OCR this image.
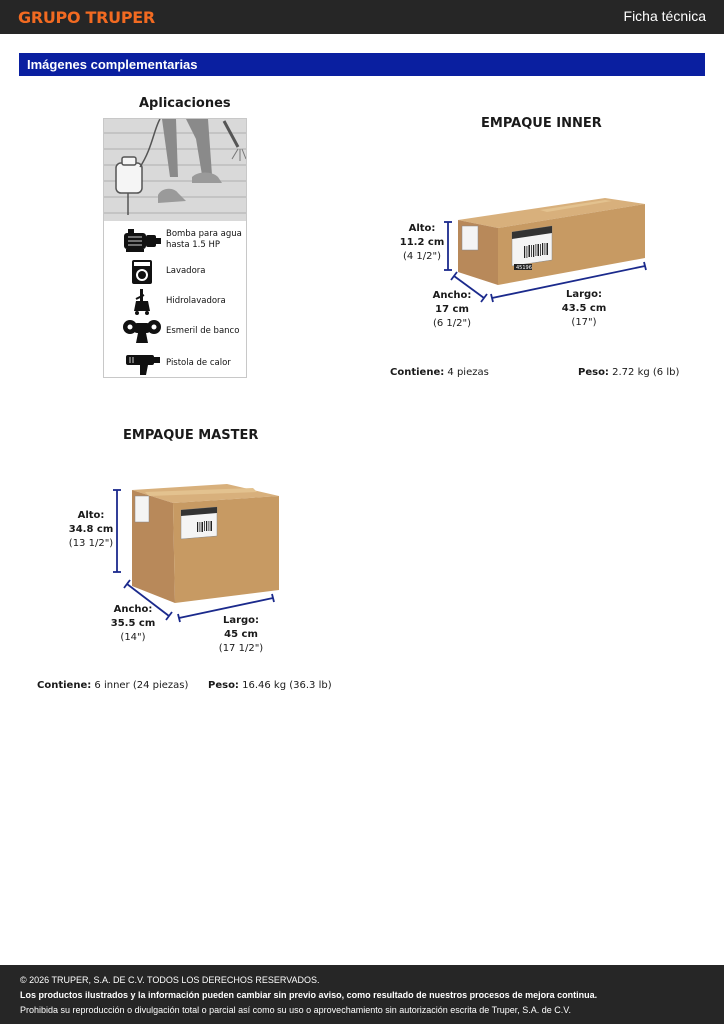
GRUPO TRUPER	Ficha técnica
Imágenes complementarias
Aplicaciones
Bomba para agua
hasta 1.5 HP
Lavadora
Hidrolavadora
Esmeril de banco
Pistola de calor
EMPAQUE INNER
45196
Alto:
11.2 cm
(4 1/2")
Ancho:
17 cm
(6 1/2")
Largo:
43.5 cm
(17")
Contiene: 4 piezas	Peso: 2.72 kg (6 lb)
EMPAQUE MASTER
Alto:
34.8 cm
(13 1/2")
Ancho:
35.5 cm
(14")
Largo:
45 cm
(17 1/2")
Contiene: 6 inner (24 piezas) Peso: 16.46 kg (36.3 lb)
© 2026 TRUPER, S.A. DE C.V. TODOS LOS DERECHOS RESERVADOS.
Los productos ilustrados y la información pueden cambiar sin previo aviso, como resultado de nuestros procesos de mejora continua.
Prohibida su reproducción o divulgación total o parcial así como su uso o aprovechamiento sin autorización escrita de Truper, S.A. de C.V.
